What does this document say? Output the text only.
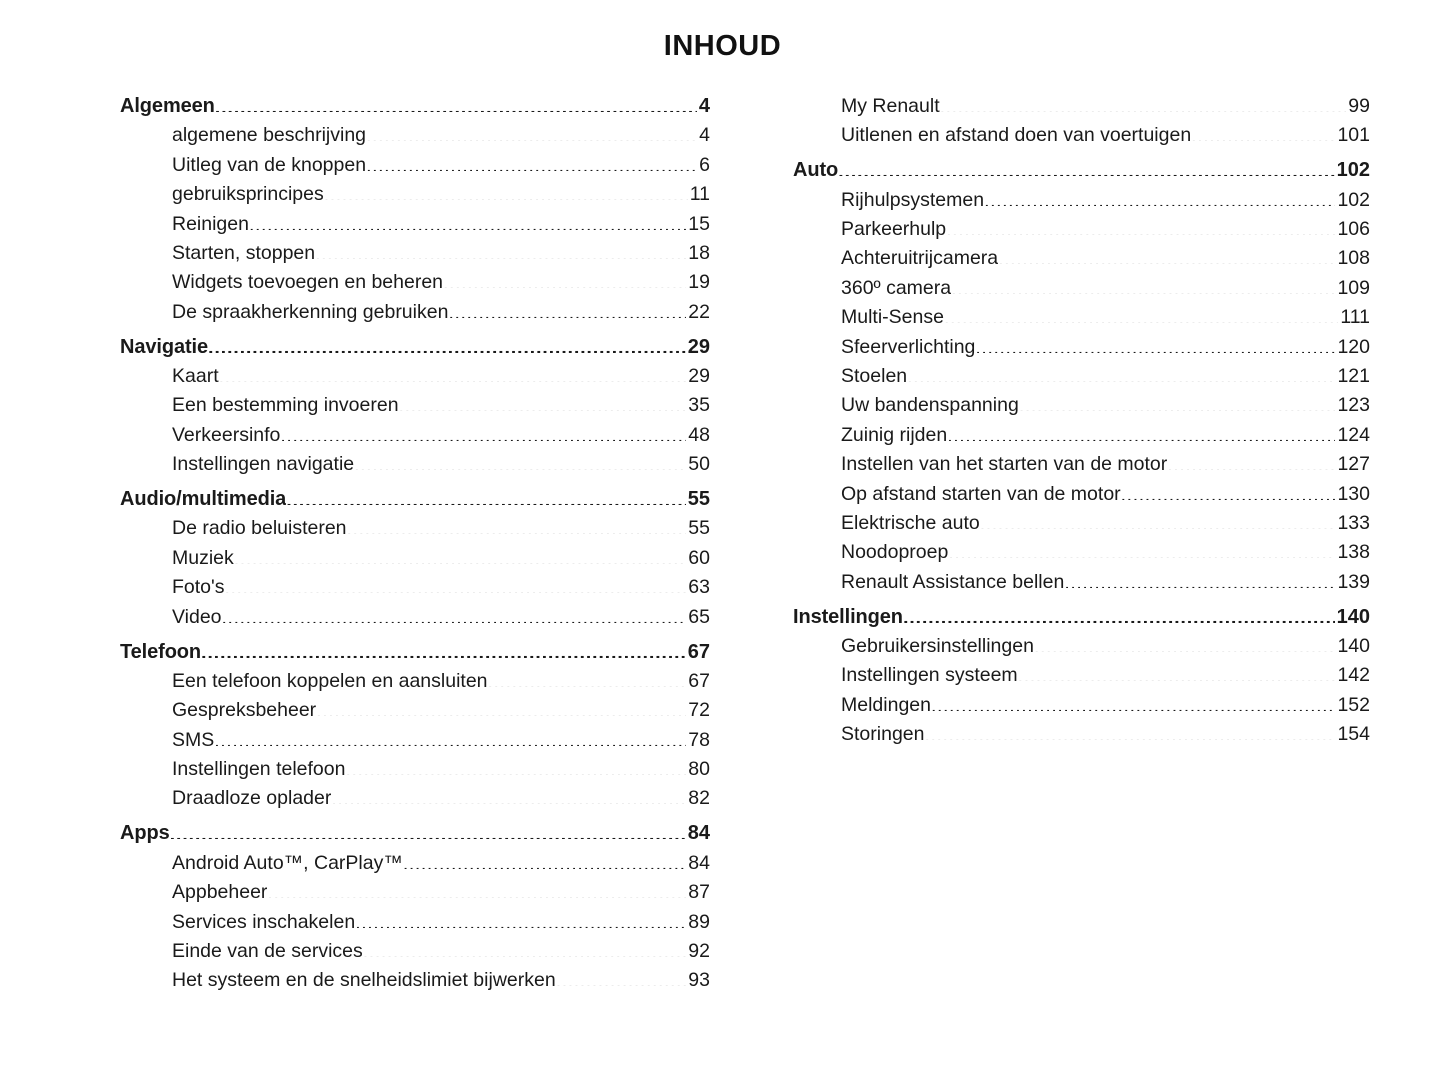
INHOUD
Algemeen .....	4
algemene beschrijving .....	4
Uitleg van de knoppen .....	6
gebruiksprincipes .....	11
Reinigen .....	15
Starten, stoppen .....	18
Widgets toevoegen en beheren .....	19
De spraakherkenning gebruiken .....	22
Navigatie .....	29
Kaart .....	29
Een bestemming invoeren .....	35
Verkeersinfo .....	48
Instellingen navigatie .....	50
Audio/multimedia .....	55
De radio beluisteren .....	55
Muziek .....	60
Foto's .....	63
Video .....	65
Telefoon .....	67
Een telefoon koppelen en aansluiten .....	67
Gespreksbeheer .....	72
SMS .....	78
Instellingen telefoon .....	80
Draadloze oplader .....	82
Apps .....	84
Android Auto™, CarPlay™ .....	84
Appbeheer .....	87
Services inschakelen .....	89
Einde van de services .....	92
Het systeem en de snelheidslimiet bijwerken .....	93
My Renault .....	99
Uitlenen en afstand doen van voertuigen .....	101
Auto .....	102
Rijhulpsystemen .....	102
Parkeerhulp .....	106
Achteruitrijcamera .....	108
360º camera .....	109
Multi-Sense .....	111
Sfeerverlichting .....	120
Stoelen .....	121
Uw bandenspanning .....	123
Zuinig rijden .....	124
Instellen van het starten van de motor .....	127
Op afstand starten van de motor .....	130
Elektrische auto .....	133
Noodoproep .....	138
Renault Assistance bellen .....	139
Instellingen .....	140
Gebruikersinstellingen .....	140
Instellingen systeem .....	142
Meldingen .....	152
Storingen .....	154
